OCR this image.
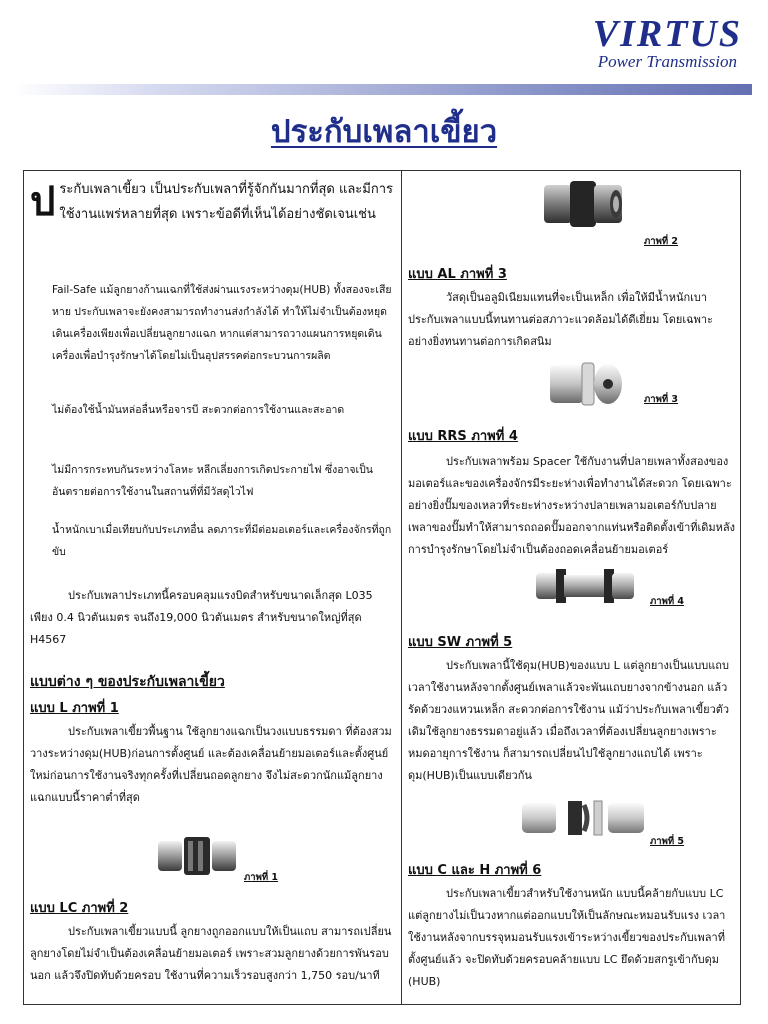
VIRTUS
Power Transmission
ประกับเพลาเขี้ยว

ประกับเพลาเขี้ยว เป็นประกับเพลาที่รู้จักกันมากที่สุด และมีการใช้งานแพร่หลายที่สุด เพราะข้อดีที่เห็นได้อย่างชัดเจนเช่น

Fail-Safe แม้ลูกยางก้านแฉกที่ใช้ส่งผ่านแรงระหว่างดุม(HUB) ทั้งสองจะเสียหาย ประกับเพลาจะยังคงสามารถทำงานส่งกำลังได้ ทำให้ไม่จำเป็นต้องหยุดเดินเครื่องเพียงเพื่อเปลี่ยนลูกยางแฉก หากแต่สามารถวางแผนการหยุดเดินเครื่องเพื่อบำรุงรักษาได้โดยไม่เป็นอุปสรรคต่อกระบวนการผลิต

ไม่ต้องใช้น้ำมันหล่อลื่นหรือจารบี สะดวกต่อการใช้งานและสะอาด

ไม่มีการกระทบกันระหว่างโลหะ หลีกเลี่ยงการเกิดประกายไฟ ซึ่งอาจเป็นอันตรายต่อการใช้งานในสถานที่ที่มีวัสดุไวไฟ

น้ำหนักเบาเมื่อเทียบกับประเภทอื่น ลดภาระที่มีต่อมอเตอร์และเครื่องจักรที่ถูกขับ

ประกับเพลาประเภทนี้ครอบคลุมแรงบิดสำหรับขนาดเล็กสุด L035 เพียง 0.4 นิวตันเมตร จนถึง19,000 นิวตันเมตร สำหรับขนาดใหญ่ที่สุด H4567

แบบต่าง ๆ ของประกับเพลาเขี้ยว
แบบ L ภาพที่ 1

ประกับเพลาเขี้ยวพื้นฐาน ใช้ลูกยางแฉกเป็นวงแบบธรรมดา ที่ต้องสวมวางระหว่างดุม(HUB)ก่อนการตั้งศูนย์ และต้องเคลื่อนย้ายมอเตอร์และตั้งศูนย์ใหม่ก่อนการใช้งานจริงทุกครั้งที่เปลี่ยนถอดลูกยาง จึงไม่สะดวกนักแม้ลูกยางแฉกแบบนี้ราคาต่ำที่สุด

ภาพที่ 1
แบบ LC ภาพที่ 2

ประกับเพลาเขี้ยวแบบนี้ ลูกยางถูกออกแบบให้เป็นแถบ สามารถเปลี่ยนลูกยางโดยไม่จำเป็นต้องเคลื่อนย้ายมอเตอร์ เพราะสวมลูกยางด้วยการพันรอบนอก แล้วจึงปิดทับด้วยครอบ ใช้งานที่ความเร็วรอบสูงกว่า 1,750 รอบ/นาที

ภาพที่ 2
แบบ AL ภาพที่ 3

วัสดุเป็นอลูมิเนียมแทนที่จะเป็นเหล็ก เพื่อให้มีน้ำหนักเบา ประกับเพลาแบบนี้ทนทานต่อสภาวะแวดล้อมได้ดีเยี่ยม โดยเฉพาะอย่างยิ่งทนทานต่อการเกิดสนิม

ภาพที่ 3
แบบ RRS ภาพที่ 4

ประกับเพลาพร้อม Spacer ใช้กับงานที่ปลายเพลาทั้งสองของมอเตอร์และของเครื่องจักรมีระยะห่างเพื่อทำงานได้สะดวก โดยเฉพาะอย่างยิ่งปั๊มของเหลวที่ระยะห่างระหว่างปลายเพลามอเตอร์กับปลายเพลาของปั๊มทำให้สามารถถอดปั๊มออกจากแท่นหรือติดตั้งเข้าที่เดิมหลังการบำรุงรักษาโดยไม่จำเป็นต้องถอดเคลื่อนย้ายมอเตอร์

ภาพที่ 4
แบบ SW ภาพที่ 5

ประกับเพลานี้ใช้ดุม(HUB)ของแบบ L แต่ลูกยางเป็นแบบแถบ เวลาใช้งานหลังจากตั้งศูนย์เพลาแล้วจะพันแถบยางจากข้างนอก แล้วรัดด้วยวงแหวนเหล็ก สะดวกต่อการใช้งาน แม้ว่าประกับเพลาเขี้ยวตัวเดิมใช้ลูกยางธรรมดาอยู่แล้ว เมื่อถึงเวลาที่ต้องเปลี่ยนลูกยางเพราะหมดอายุการใช้งาน ก็สามารถเปลี่ยนไปใช้ลูกยางแถบได้ เพราะดุม(HUB)เป็นแบบเดียวกัน

ภาพที่ 5
แบบ C และ H ภาพที่ 6

ประกับเพลาเขี้ยวสำหรับใช้งานหนัก แบบนี้คล้ายกับแบบ LC แต่ลูกยางไม่เป็นวงหากแต่ออกแบบให้เป็นลักษณะหมอนรับแรง เวลาใช้งานหลังจากบรรจุหมอนรับแรงเข้าระหว่างเขี้ยวของประกับเพลาที่ตั้งศูนย์แล้ว จะปิดทับด้วยครอบคล้ายแบบ LC ยึดด้วยสกรูเข้ากับดุม (HUB)
